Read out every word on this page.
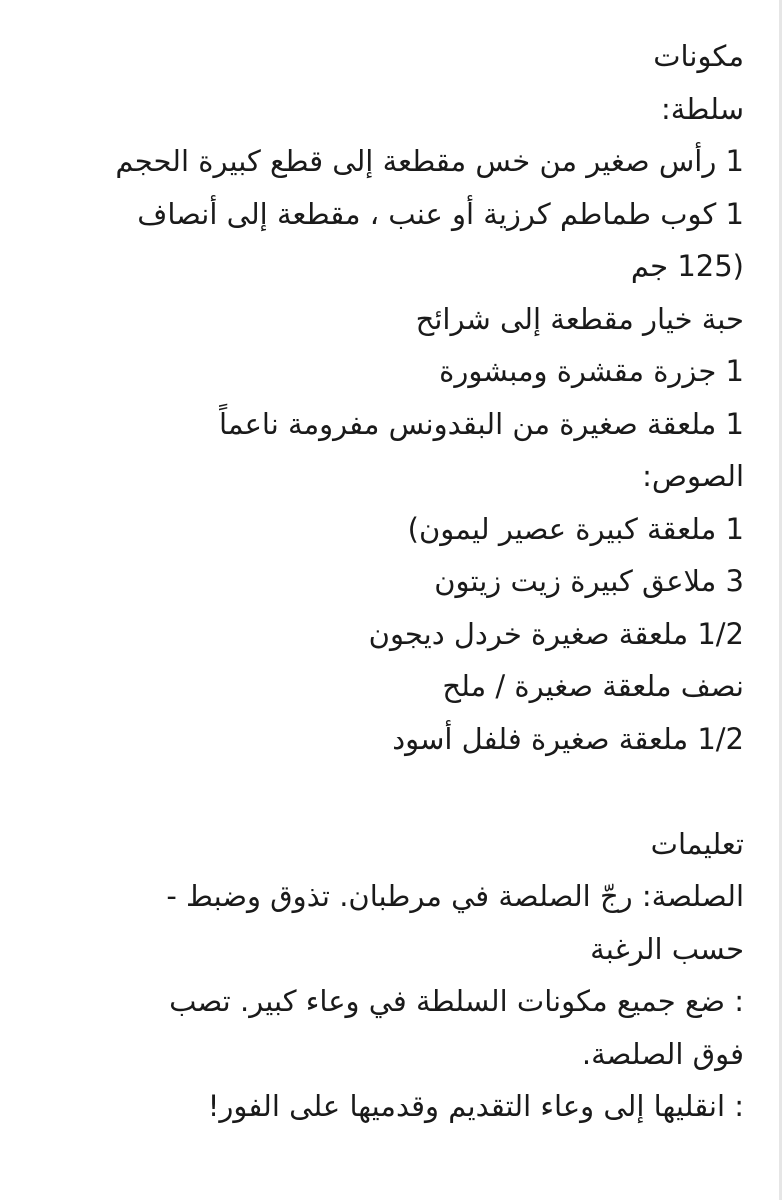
مكونات
سلطة:
1 رأس صغير من خس مقطعة إلى قطع كبيرة الحجم
1 كوب طماطم كرزية أو عنب ، مقطعة إلى أنصاف
(125 جم
حبة خيار مقطعة إلى شرائح
1 جزرة مقشرة ومبشورة
1 ملعقة صغيرة من البقدونس مفرومة ناعماً
الصوص:
1 ملعقة كبيرة عصير ليمون)
3 ملاعق كبيرة زيت زيتون
1/2 ملعقة صغيرة خردل ديجون
نصف ملعقة صغيرة / ملح
1/2 ملعقة صغيرة فلفل أسود
تعليمات
الصلصة: رجّ الصلصة في مرطبان. تذوق وضبط -
حسب الرغبة
: ضع جميع مكونات السلطة في وعاء كبير. تصب
فوق الصلصة.
: انقليها إلى وعاء التقديم وقدميها على الفور!
